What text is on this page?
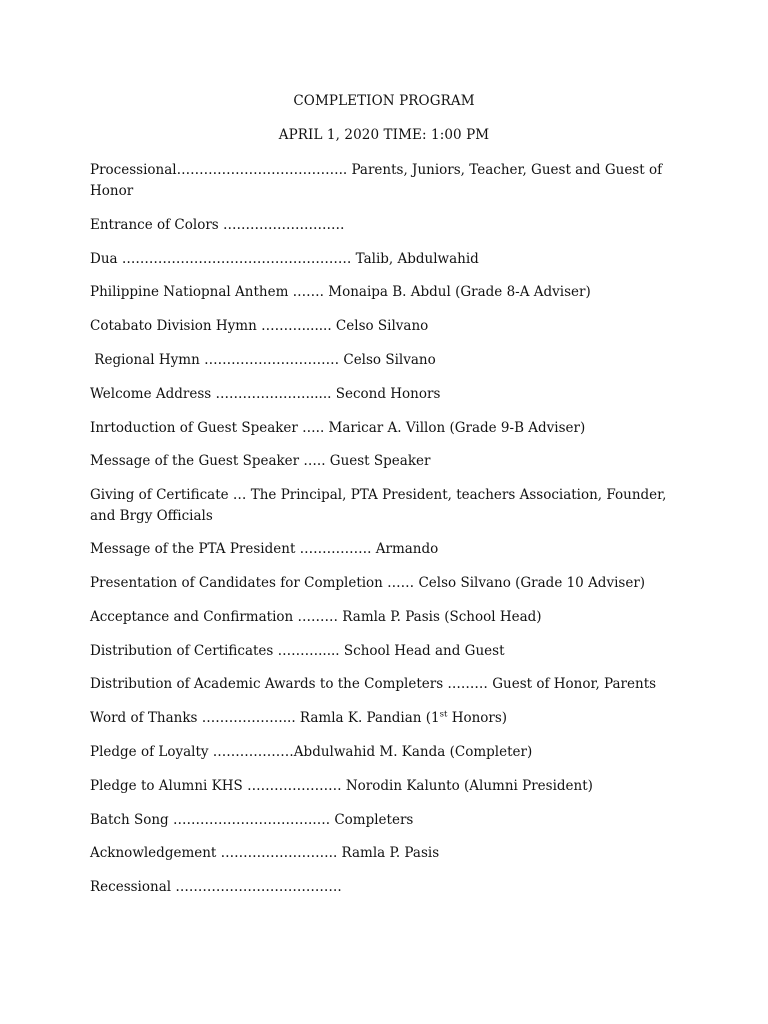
COMPLETION PROGRAM
APRIL 1, 2020 TIME: 1:00 PM
Processional……………………………….. Parents, Juniors, Teacher, Guest and Guest of Honor
Entrance of Colors ………………………
Dua …………………………………………… Talib, Abdulwahid
Philippine Natiopnal Anthem ……. Monaipa B. Abdul (Grade 8-A Adviser)
Cotabato Division Hymn ………....... Celso Silvano
Regional Hymn ………………………… Celso Silvano
Welcome Address …………………..... Second Honors
Inrtoduction of Guest Speaker ….. Maricar A. Villon (Grade 9-B Adviser)
Message of the Guest Speaker ….. Guest Speaker
Giving of Certificate … The Principal, PTA President, teachers Association, Founder, and Brgy Officials
Message of the PTA President ……………. Armando
Presentation of Candidates for Completion …… Celso Silvano (Grade 10 Adviser)
Acceptance and Confirmation ……… Ramla P. Pasis (School Head)
Distribution of Certificates ………..... School Head and Guest
Distribution of Academic Awards to the Completers ……… Guest of Honor, Parents
Word of Thanks ………………... Ramla K. Pandian (1st Honors)
Pledge of Loyalty ………………Abdulwahid M. Kanda (Completer)
Pledge to Alumni KHS ………………… Norodin Kalunto (Alumni President)
Batch Song ………………………….…. Completers
Acknowledgement …………………….. Ramla P. Pasis
Recessional ……………………………….
